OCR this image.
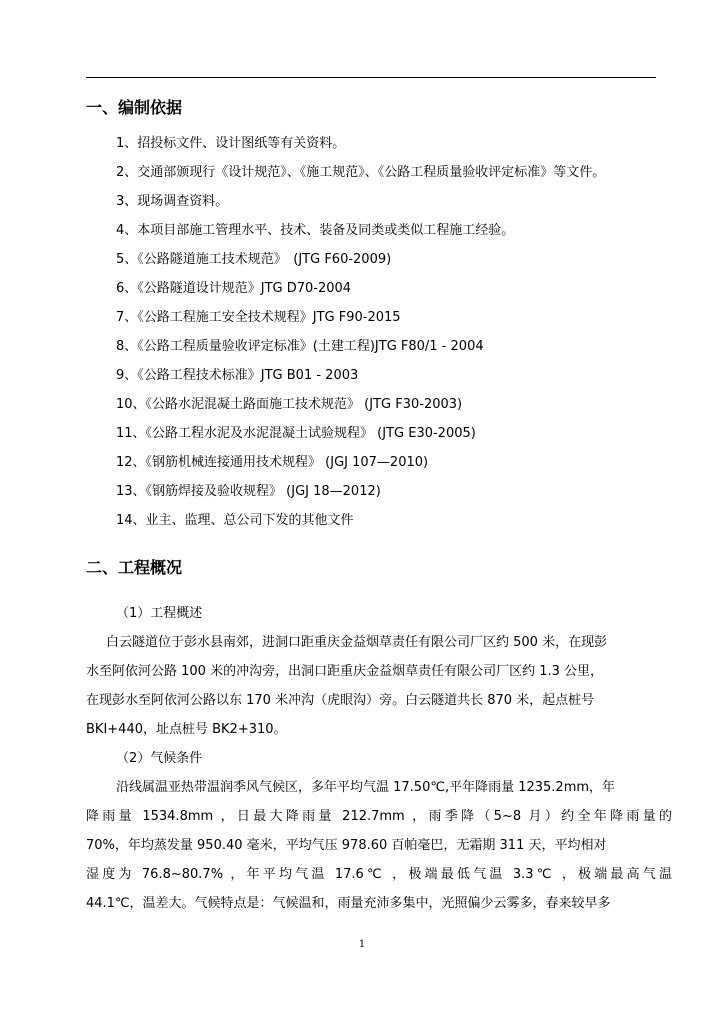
一、编制依据
1、招投标文件、设计图纸等有关资料。
2、交通部颁现行《设计规范》、《施工规范》、《公路工程质量验收评定标准》等文件。
3、现场调查资料。
4、本项目部施工管理水平、技术、装备及同类或类似工程施工经验。
5、《公路隧道施工技术规范》　(JTG F60-2009)
6、《公路隧道设计规范》JTG D70-2004
7、《公路工程施工安全技术规程》JTG F90-2015
8、《公路工程质量验收评定标准》(土建工程)JTG F80/1 - 2004
9、《公路工程技术标准》JTG B01 - 2003
10、《公路水泥混凝土路面施工技术规范》 (JTG F30-2003)
11、《公路工程水泥及水泥混凝土试验规程》 (JTG E30-2005)
12、《钢筋机械连接通用技术规程》 (JGJ 107—2010)
13、《钢筋焊接及验收规程》 (JGJ 18—2012)
14、业主、监理、总公司下发的其他文件
二、工程概况
（1）工程概述
白云隧道位于彭水县南郊，进洞口距重庆金益烟草责任有限公司厂区约 500 米，在现彭
水至阿依河公路 100 米的冲沟旁，出洞口距重庆金益烟草责任有限公司厂区约 1.3 公里，
在现彭水至阿依河公路以东 170 米冲沟（虎眼沟）旁。白云隧道共长 870 米，起点桩号
BKI+440，址点桩号 BK2+310。
（2）气候条件
沿线属温亚热带温润季风气候区，多年平均气温 17.50℃,平年降雨量 1235.2mm，年
降雨量 1534.8mm ，日最大降雨量 212.7mm ，雨季降（5~8 月）约全年降雨量的
70%，年均蒸发量 950.40 毫米，平均气压 978.60 百帕毫巴，无霜期 311 天，平均相对
湿度为 76.8~80.7% ，年平均气温 17.6℃ ，极端最低气温 3.3℃ ，极端最高气温
44.1℃，温差大。气候特点是：气候温和，雨量充沛多集中，光照偏少云雾多，春来较早多
1
